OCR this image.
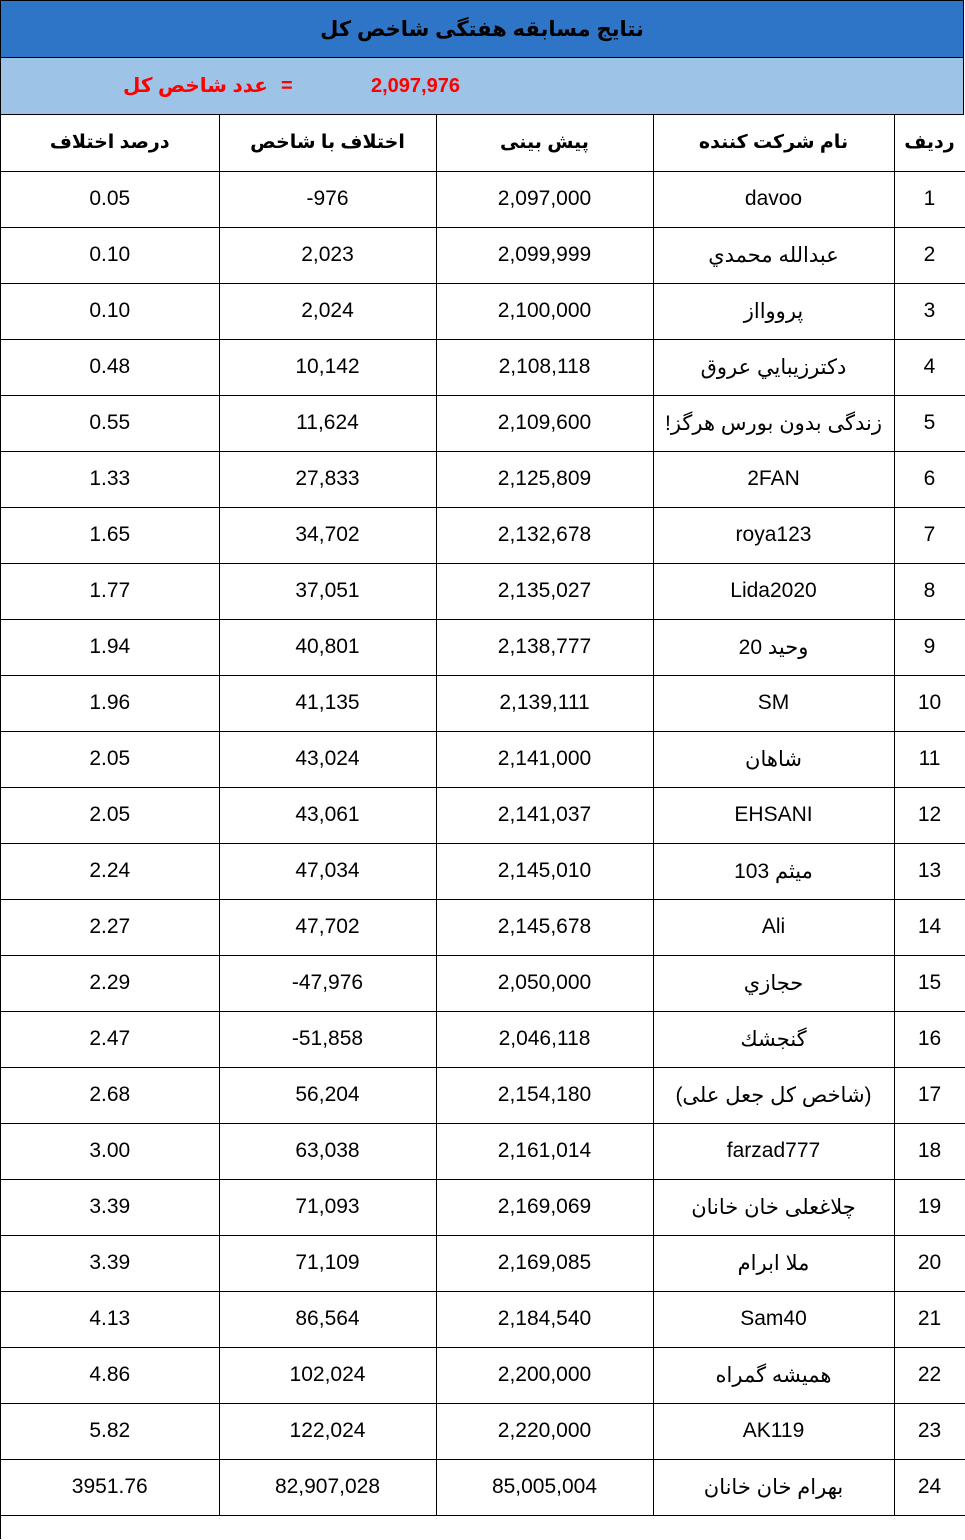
نتایج مسابقه هفتگی شاخص کل
عدد شاخص کل =	2,097,976
درصد اختلاف	اختلاف با شاخص	پیش بینی	نام شرکت کننده	ردیف
0.05	-976	2,097,000	davoo	1
0.10	2,023	2,099,999	عبدالله محمدي	2
0.10	2,024	2,100,000	پرووااز	3
0.48	10,142	2,108,118	دكترزيبايي عروق	4
0.55	11,624	2,109,600	زندگی بدون بورس هرگز!	5
1.33	27,833	2,125,809	2FAN	6
1.65	34,702	2,132,678	roya123	7
1.77	37,051	2,135,027	Lida2020	8
1.94	40,801	2,138,777	وحيد 20	9
1.96	41,135	2,139,111	SM	10
2.05	43,024	2,141,000	شاهان	11
2.05	43,061	2,141,037	EHSANI	12
2.24	47,034	2,145,010	ميثم 103	13
2.27	47,702	2,145,678	Ali	14
2.29	-47,976	2,050,000	حجازي	15
2.47	-51,858	2,046,118	گنجشك	16
2.68	56,204	2,154,180	(شاخص کل جعل علی)	17
3.00	63,038	2,161,014	farzad777	18
3.39	71,093	2,169,069	چلاغعلی خان خانان	19
3.39	71,109	2,169,085	ملا ابرام	20
4.13	86,564	2,184,540	Sam40	21
4.86	102,024	2,200,000	همیشه گمراه	22
5.82	122,024	2,220,000	AK119	23
3951.76	82,907,028	85,005,004	بهرام خان خانان	24
